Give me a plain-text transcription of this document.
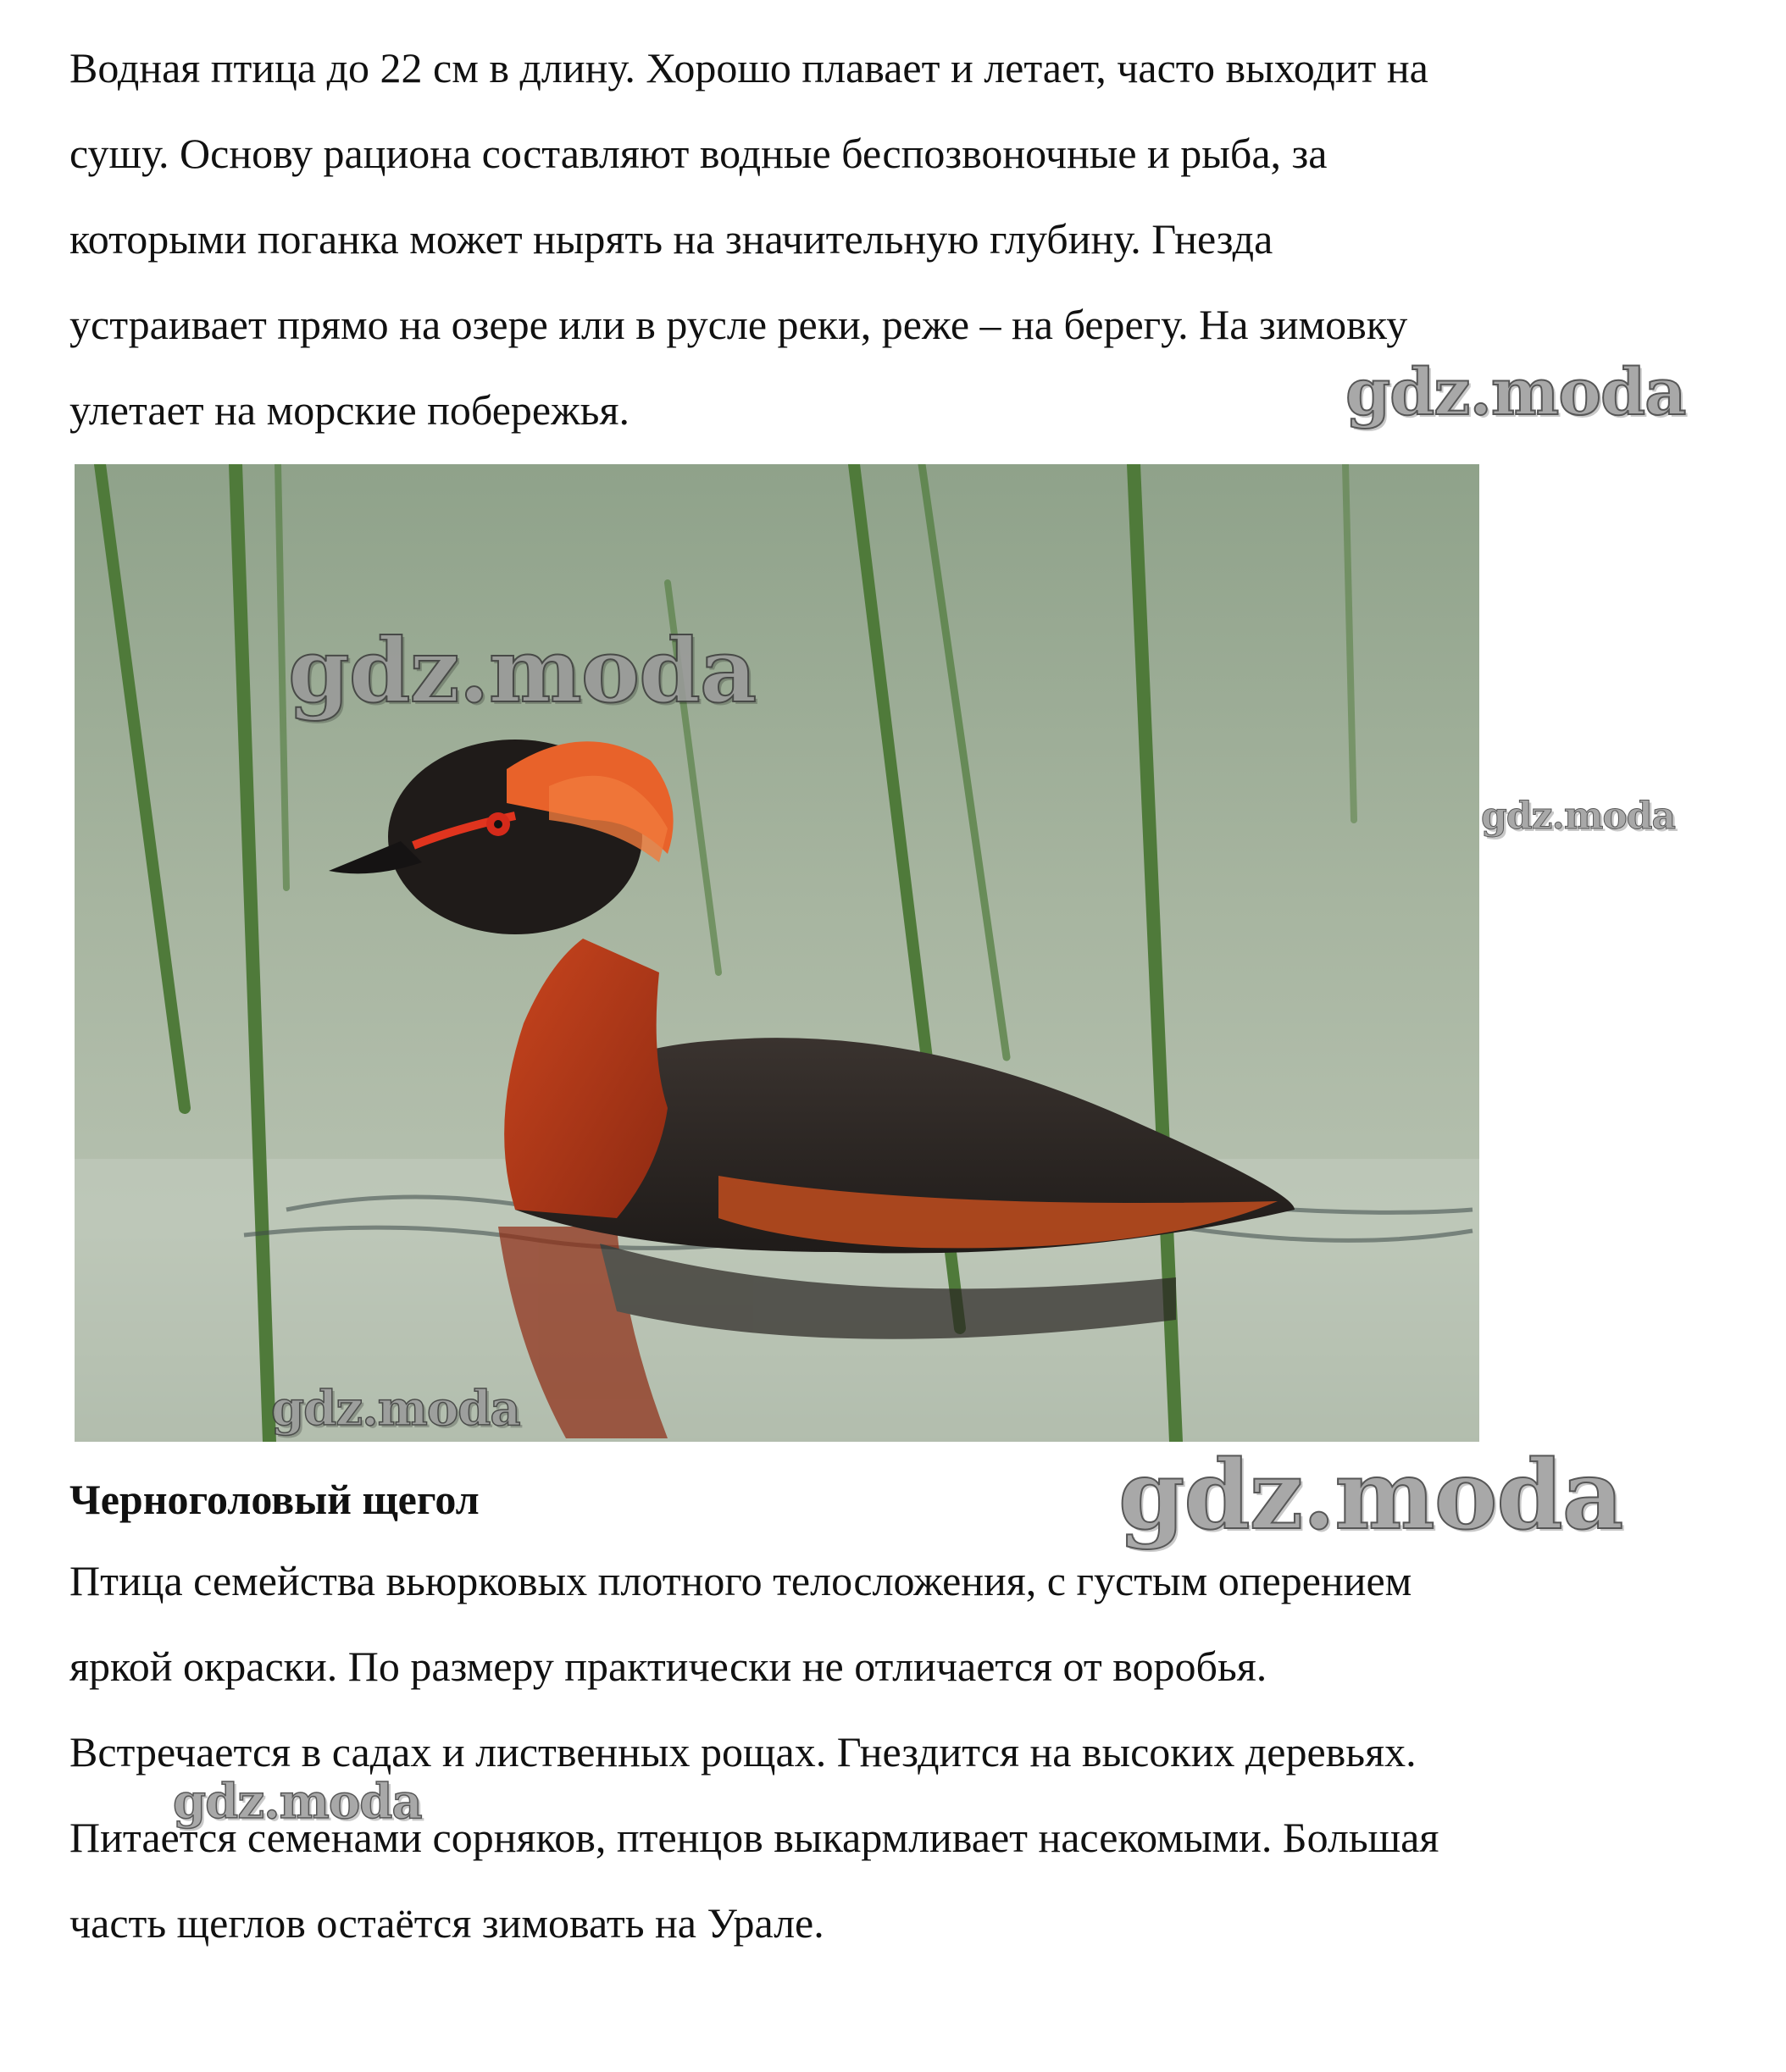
Водная птица до 22 см в длину. Хорошо плавает и летает, часто выходит на
сушу. Основу рациона составляют водные беспозвоночные и рыба, за
которыми поганка может нырять на значительную глубину. Гнезда
устраивает прямо на озере или в русле реки, реже – на берегу. На зимовку
улетает на морские побережья.

Черноголовый щегол

Птица семейства вьюрковых плотного телосложения, с густым оперением
яркой окраски. По размеру практически не отличается от воробья.
Встречается в садах и лиственных рощах. Гнездится на высоких деревьях.
Питается семенами сорняков, птенцов выкармливает насекомыми. Большая
часть щеглов остаётся зимовать на Урале.
gdz.moda
gdz.moda
gdz.moda
gdz.moda
gdz.moda
gdz.moda
